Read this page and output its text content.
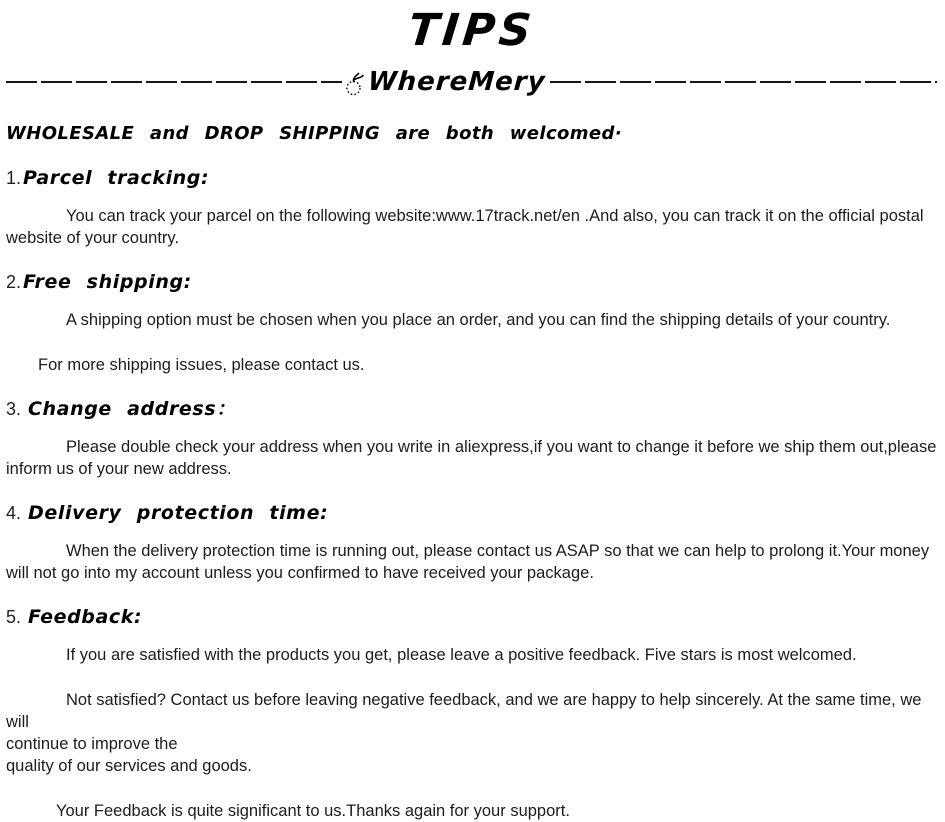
TIPS
WhereMery

WHOLESALE and DROP SHIPPING are both welcomed·

1. Parcel tracking:

You can track your parcel on the following website:www.17track.net/en .And also, you can track it on the official postal website of your country.

2. Free shipping:

A shipping option must be chosen when you place an order, and you can find the shipping details of your country.

For more shipping issues, please contact us.

3. Change address：

Please double check your address when you write in aliexpress,if you want to change it before we ship them out,please inform us of your new address.

4. Delivery protection time:

When the delivery protection time is running out, please contact us ASAP so that we can help to prolong it.Your money will not go into my account unless you confirmed to have received your package.

5. Feedback:

If you are satisfied with the products you get, please leave a positive feedback. Five stars is most welcomed.

Not satisfied? Contact us before leaving negative feedback, and we are happy to help sincerely. At the same time, we will
continue to improve the
quality of our services and goods.

Your Feedback is quite significant to us.Thanks again for your support.
